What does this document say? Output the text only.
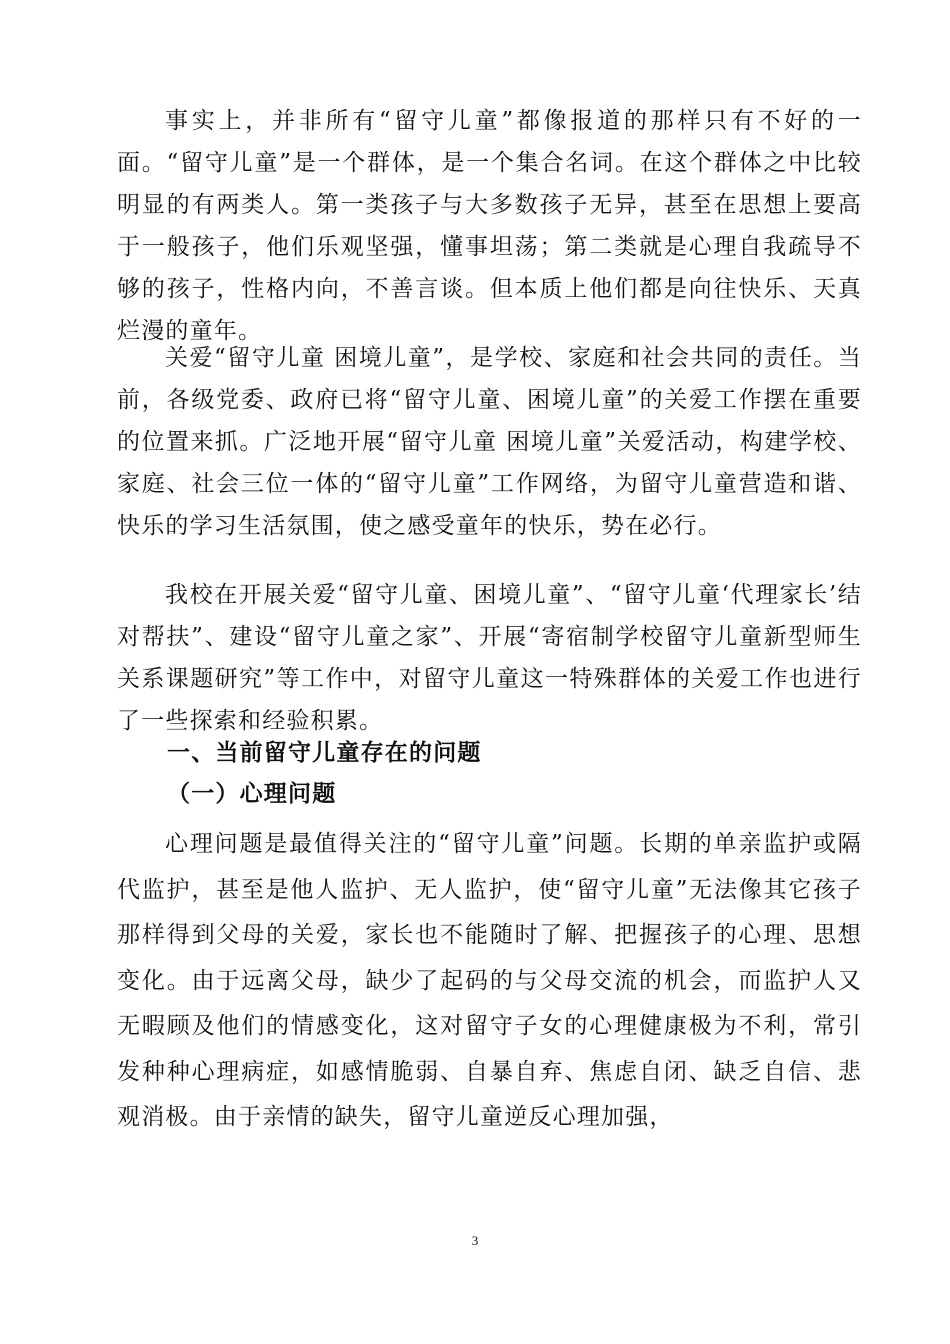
事实上，并非所有“留守儿童”都像报道的那样只有不好的一面。“留守儿童”是一个群体，是一个集合名词。在这个群体之中比较明显的有两类人。第一类孩子与大多数孩子无异，甚至在思想上要高于一般孩子，他们乐观坚强，懂事坦荡；第二类就是心理自我疏导不够的孩子，性格内向，不善言谈。但本质上他们都是向往快乐、天真烂漫的童年。

关爱“留守儿童 困境儿童”，是学校、家庭和社会共同的责任。当前，各级党委、政府已将“留守儿童、困境儿童”的关爱工作摆在重要的位置来抓。广泛地开展“留守儿童 困境儿童”关爱活动，构建学校、家庭、社会三位一体的“留守儿童”工作网络，为留守儿童营造和谐、快乐的学习生活氛围，使之感受童年的快乐，势在必行。

我校在开展关爱“留守儿童、困境儿童”、“留守儿童‘代理家长’结对帮扶”、建设“留守儿童之家”、开展“寄宿制学校留守儿童新型师生关系课题研究”等工作中，对留守儿童这一特殊群体的关爱工作也进行了一些探索和经验积累。

一、当前留守儿童存在的问题
（一）心理问题

心理问题是最值得关注的“留守儿童”问题。长期的单亲监护或隔代监护，甚至是他人监护、无人监护，使“留守儿童”无法像其它孩子那样得到父母的关爱，家长也不能随时了解、把握孩子的心理、思想变化。由于远离父母，缺少了起码的与父母交流的机会，而监护人又无暇顾及他们的情感变化，这对留守子女的心理健康极为不利，常引发种种心理病症，如感情脆弱、自暴自弃、焦虑自闭、缺乏自信、悲观消极。由于亲情的缺失，留守儿童逆反心理加强，

3
